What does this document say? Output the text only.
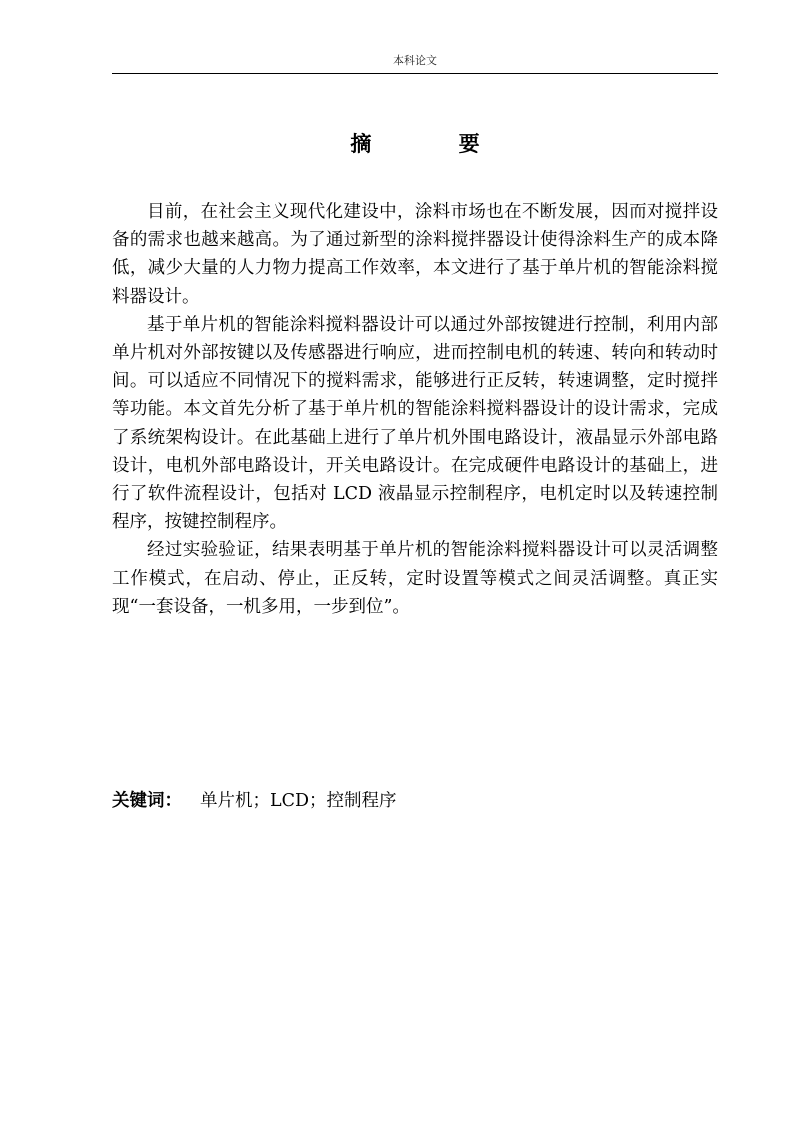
本科论文
摘 要

目前，在社会主义现代化建设中，涂料市场也在不断发展，因而对搅拌设备的需求也越来越高。为了通过新型的涂料搅拌器设计使得涂料生产的成本降低，减少大量的人力物力提高工作效率，本文进行了基于单片机的智能涂料搅料器设计。

基于单片机的智能涂料搅料器设计可以通过外部按键进行控制，利用内部单片机对外部按键以及传感器进行响应，进而控制电机的转速、转向和转动时间。可以适应不同情况下的搅料需求，能够进行正反转，转速调整，定时搅拌等功能。本文首先分析了基于单片机的智能涂料搅料器设计的设计需求，完成了系统架构设计。在此基础上进行了单片机外围电路设计，液晶显示外部电路设计，电机外部电路设计，开关电路设计。在完成硬件电路设计的基础上，进行了软件流程设计，包括对 LCD 液晶显示控制程序，电机定时以及转速控制程序，按键控制程序。

经过实验验证，结果表明基于单片机的智能涂料搅料器设计可以灵活调整工作模式，在启动、停止，正反转，定时设置等模式之间灵活调整。真正实现“一套设备，一机多用，一步到位”。

关键词： 单片机；LCD；控制程序
